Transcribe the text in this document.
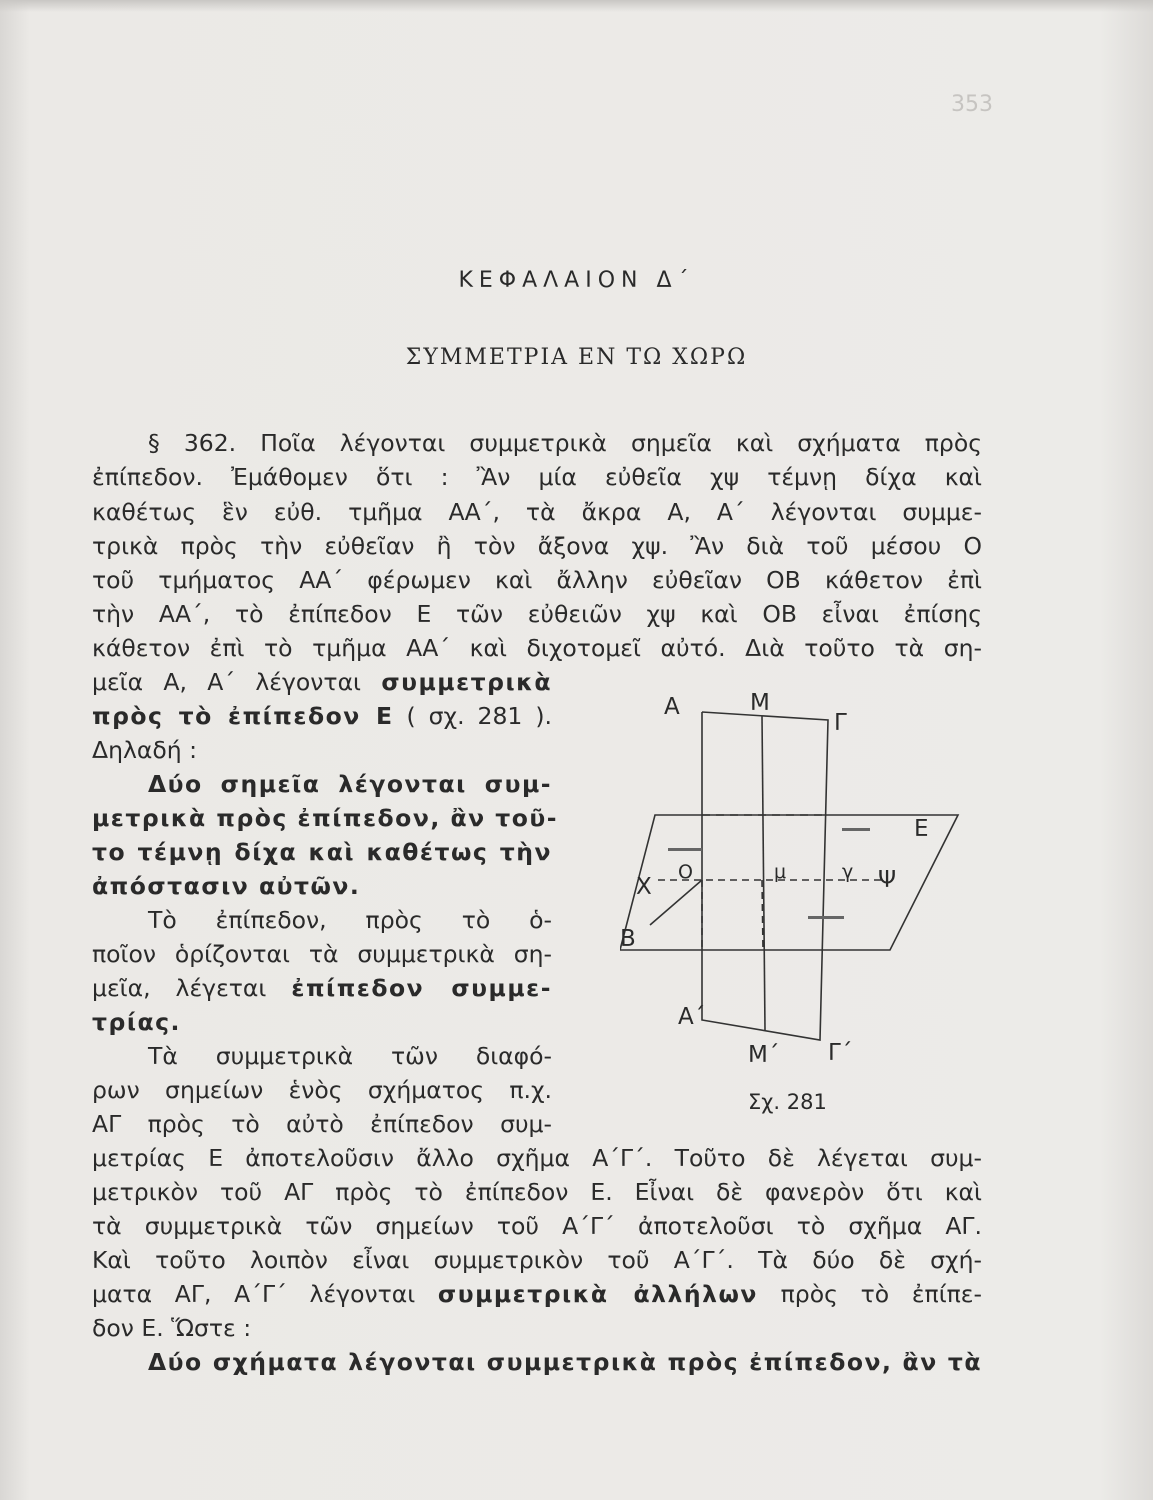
353
ΚΕΦΑΛΑΙΟΝ Δ΄
ΣΥΜΜΕΤΡΙΑ ΕΝ ΤΩ ΧΩΡΩ
§ 362. Ποῖα λέγονται συμμετρικὰ σημεῖα καὶ σχήματα πρὸς
ἐπίπεδον. Ἐμάθομεν ὅτι : Ἂν μία εὐθεῖα χψ τέμνῃ δίχα καὶ
καθέτως ἓν εὐθ. τμῆμα ΑΑ΄, τὰ ἄκρα Α, Α΄ λέγονται συμμε-
τρικὰ πρὸς τὴν εὐθεῖαν ἢ τὸν ἄξονα χψ. Ἂν διὰ τοῦ μέσου Ο
τοῦ τμήματος ΑΑ΄ φέρωμεν καὶ ἄλλην εὐθεῖαν ΟΒ κάθετον ἐπὶ
τὴν ΑΑ΄, τὸ ἐπίπεδον Ε τῶν εὐθειῶν χψ καὶ ΟΒ εἶναι ἐπίσης
κάθετον ἐπὶ τὸ τμῆμα ΑΑ΄ καὶ διχοτομεῖ αὐτό. Διὰ τοῦτο τὰ ση-
μεῖα Α, Α΄ λέγονται συμμετρικὰ
πρὸς τὸ ἐπίπεδον Ε ( σχ. 281 ).
Δηλαδή :
Δύο σημεῖα λέγονται συμ-
μετρικὰ πρὸς ἐπίπεδον, ἂν τοῦ-
το τέμνῃ δίχα καὶ καθέτως τὴν
ἀπόστασιν αὐτῶν.
Τὸ ἐπίπεδον, πρὸς τὸ ὁ-
ποῖον ὁρίζονται τὰ συμμετρικὰ ση-
μεῖα, λέγεται ἐπίπεδον συμμε-
τρίας.
Τὰ συμμετρικὰ τῶν διαφό-
ρων σημείων ἑνὸς σχήματος π.χ.
ΑΓ πρὸς τὸ αὐτὸ ἐπίπεδον συμ-
μετρίας Ε ἀποτελοῦσιν ἄλλο σχῆμα Α΄Γ΄. Τοῦτο δὲ λέγεται συμ-
μετρικὸν τοῦ ΑΓ πρὸς τὸ ἐπίπεδον Ε. Εἶναι δὲ φανερὸν ὅτι καὶ
τὰ συμμετρικὰ τῶν σημείων τοῦ Α΄Γ΄ ἀποτελοῦσι τὸ σχῆμα ΑΓ.
Καὶ τοῦτο λοιπὸν εἶναι συμμετρικὸν τοῦ Α΄Γ΄. Τὰ δύο δὲ σχή-
ματα ΑΓ, Α΄Γ΄ λέγονται συμμετρικὰ ἀλλήλων πρὸς τὸ ἐπίπε-
δον Ε. Ὥστε :
Δύο σχήματα λέγονται συμμετρικὰ πρὸς ἐπίπεδον, ἂν τὰ
Α	Μ
Γ
Ε
Χ
Ο	μ	γ Ψ
Β
Α΄
Μ΄ Γ΄
Σχ. 281
